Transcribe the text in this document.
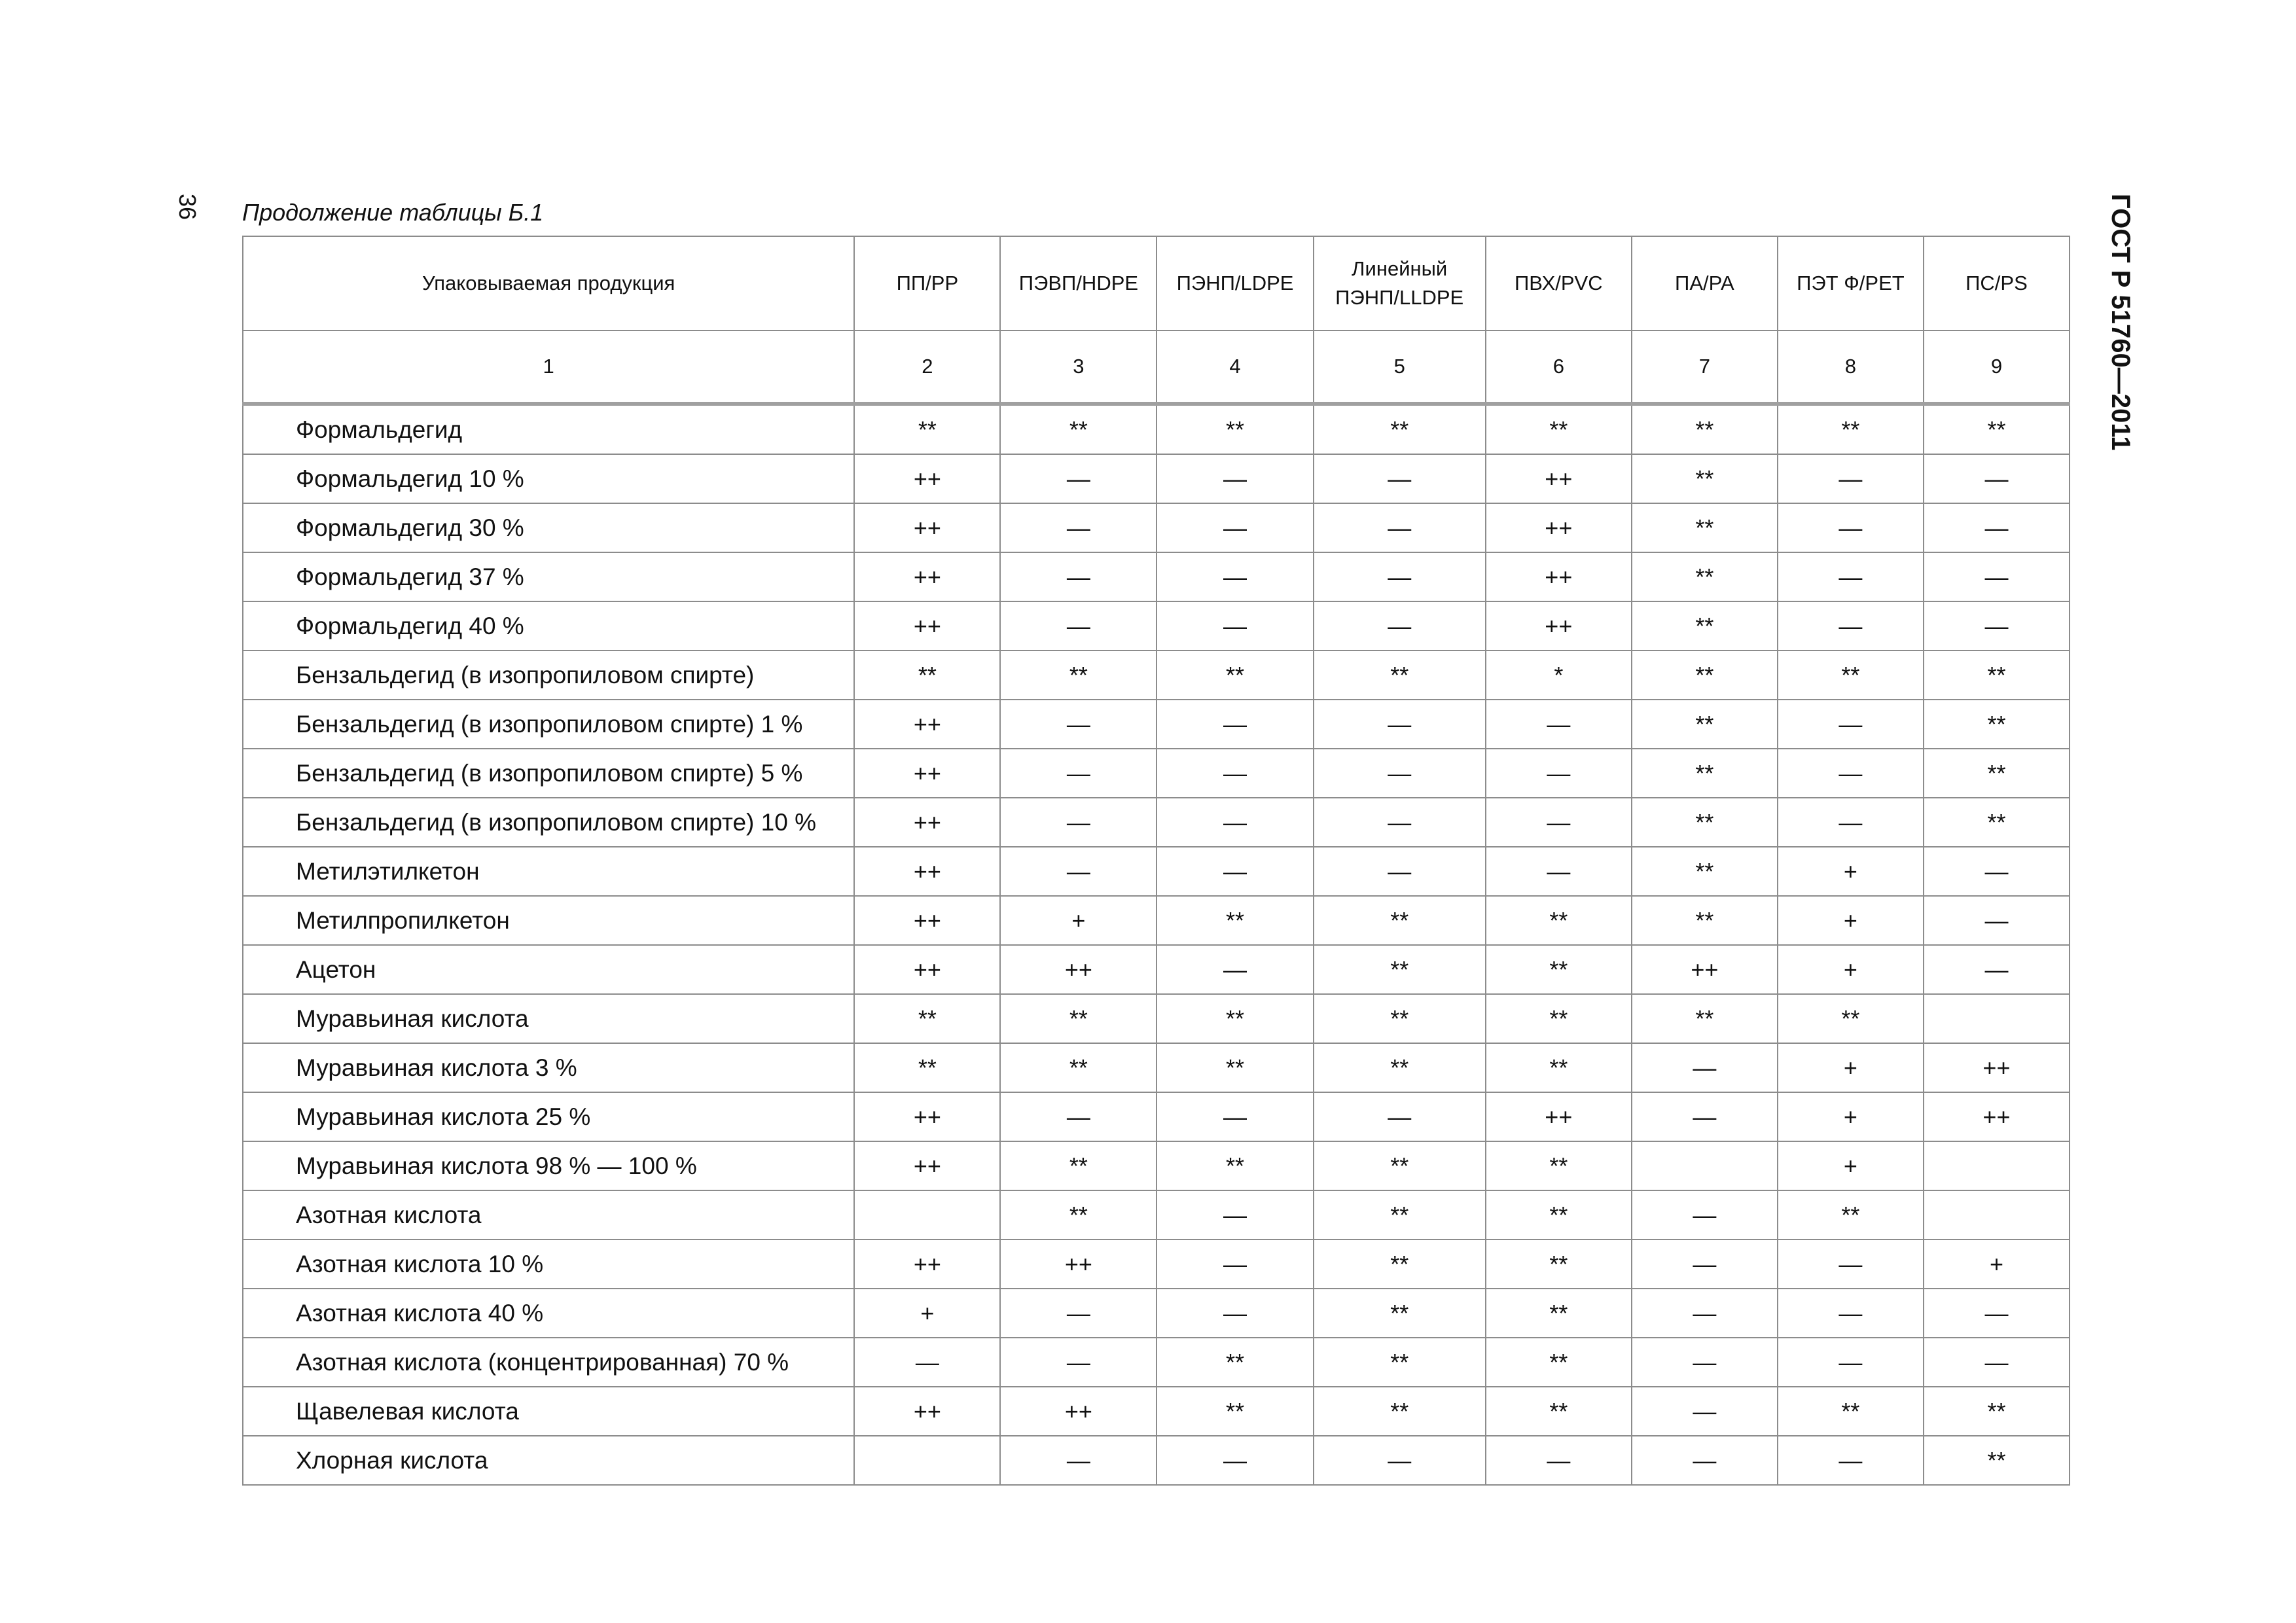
36	ГОСТ Р 51760—2011
Продолжение таблицы Б.1
Упаковываемая продукция	ПП/PP	ПЭВП/HDPE	ПЭНП/LDPE	Линейный ПЭНП/LLDPE	ПВХ/PVC	ПА/PA	ПЭТ Ф/PET	ПС/PS
1	2	3	4	5	6	7	8	9
Формальдегид	**	**	**	**	**	**	**	**
Формальдегид 10 %	++	—	—	—	++	**	—	—
Формальдегид 30 %	++	—	—	—	++	**	—	—
Формальдегид 37 %	++	—	—	—	++	**	—	—
Формальдегид 40 %	++	—	—	—	++	**	—	—
Бензальдегид (в изопропиловом спирте)	**	**	**	**	*	**	**	**
Бензальдегид (в изопропиловом спирте) 1 %	++	—	—	—	—	**	—	**
Бензальдегид (в изопропиловом спирте) 5 %	++	—	—	—	—	**	—	**
Бензальдегид (в изопропиловом спирте) 10 %	++	—	—	—	—	**	—	**
Метилэтилкетон	++	—	—	—	—	**	+	—
Метилпропилкетон	++	+	**	**	**	**	+	—
Ацетон	++	++	—	**	**	++	+	—
Муравьиная кислота	**	**	**	**	**	**	**	
Муравьиная кислота 3 %	**	**	**	**	**	—	+	++
Муравьиная кислота 25 %	++	—	—	—	++	—	+	++
Муравьиная кислота 98 % — 100 %	++	**	**	**	**		+	
Азотная кислота		**	—	**	**	—	**	
Азотная кислота 10 %	++	++	—	**	**	—	—	+
Азотная кислота 40 %	+	—	—	**	**	—	—	—
Азотная кислота (концентрированная) 70 %	—	—	**	**	**	—	—	—
Щавелевая кислота	++	++	**	**	**	—	**	**
Хлорная кислота		—	—	—	—	—	—	**
